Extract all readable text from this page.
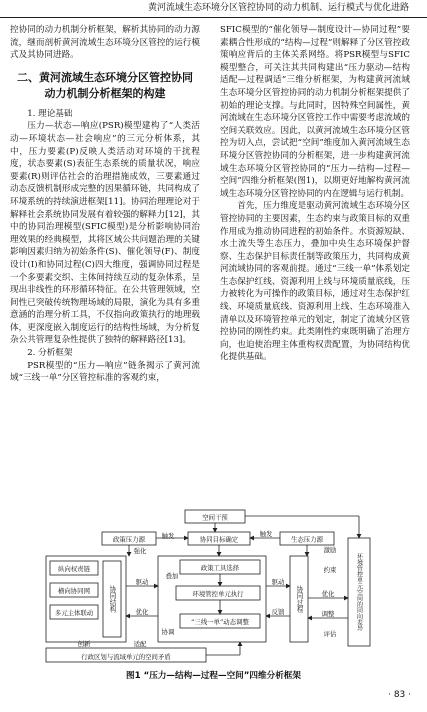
黄河流域生态环境分区管控协同的动力机制、运行模式与优化进路

控协同的动力机制分析框架，解析其协同的动力源流，继而剖析黄河流域生态环境分区管控的运行模式及其协同进路。

二、黄河流域生态环境分区管控协同
动力机制分析框架的构建

1. 理论基础

压力—状态—响应(PSR)模型建构了“人类活动—环境状态—社会响应”的三元分析体系，其中，压力要素(P)反映人类活动对环境的干扰程度，状态要素(S)表征生态系统的质量状况，响应要素(R)则评估社会的治理措施成效，三要素通过动态反馈机制形成完整的因果循环链，共同构成了环境系统的持续演进框架[11]。协同治理理论对于解释社会系统协同发展有着较强的解释力[12]，其中的协同治理模型(SFIC模型)是分析影响协同治理效果的经典模型，其将区域公共问题治理的关键影响因素归纳为初始条件(S)、催化领导(F)、制度设计(I)和协同过程(C)四大维度，强调协同过程是一个多要素交织、主体间持续互动的复杂体系，呈现出非线性的环形循环特征。在公共管理领域，空间性已突破传统物理场域的局限，演化为具有多重意涵的治理分析工具，不仅指向政策执行的地理载体，更深度嵌入制度运行的结构性场域，为分析复杂公共管理复杂性提供了独特的解释路径[13]。

2. 分析框架

PSR模型的“压力—响应”链条揭示了黄河流域“三线一单”分区管控标准的客观约束，

SFIC模型的“催化领导—制度设计—协同过程”要素耦合性形成的“结构—过程”则解释了分区管控政策响应背后的主体关系网络。将PSR模型与SFIC模型整合，可关注其共同构建出“压力驱动—结构适配—过程调适”三维分析框架，为构建黄河流域生态环境分区管控协同的动力机制分析框架提供了初始的理论支撑。与此同时，因特殊空间属性，黄河流域在生态环境分区管控工作中需要考虑流域的空间关联效应。因此，以黄河流域生态环境分区管控为切入点，尝试把“空间”维度加入黄河流域生态环境分区管控协同的分析框架，进一步构建黄河流域生态环境分区管控协同的“压力—结构—过程—空间”四维分析框架(图1)，以期更好地解构黄河流域生态环境分区管控协同的内在逻辑与运行机制。

首先，压力维度是驱动黄河流域生态环境分区管控协同的主要因素，生态约束与政策目标的双重作用成为推动协同进程的初始条件。水资源短缺、水土流失等生态压力，叠加中央生态环境保护督察、生态保护目标责任制等政策压力，共同构成黄河流域协同的客观前提。通过“三线一单”体系划定生态保护红线、资源利用上线与环境质量底线，压力被转化为可操作的政策目标，通过对生态保护红线、环境质量底线、资源利用上线、生态环境准入清单以及环境管控单元的划定，制定了流域分区管控协同的刚性约束。此类刚性约束既明确了治理方向，也迫使治理主体重构权责配置，为协同结构优化提供基础。

空间干预
政策压力源	协同目标确定	生态压力源
纵向权责链
横向协同网
多元主体联动
政策工具选择
环境管控单元执行
“三线一单”动态调整
行政区划与流域单元的空间矛盾
触发	触发
强化
驱动
优化
驱动
反馈
优化
调整
协调
适配
创新
叠加
激励
约束
评估
协同结构	协同过程	环境管控单元空间的同向差异
图1 “压力—结构—过程—空间”四维分析框架
· 83 ·
